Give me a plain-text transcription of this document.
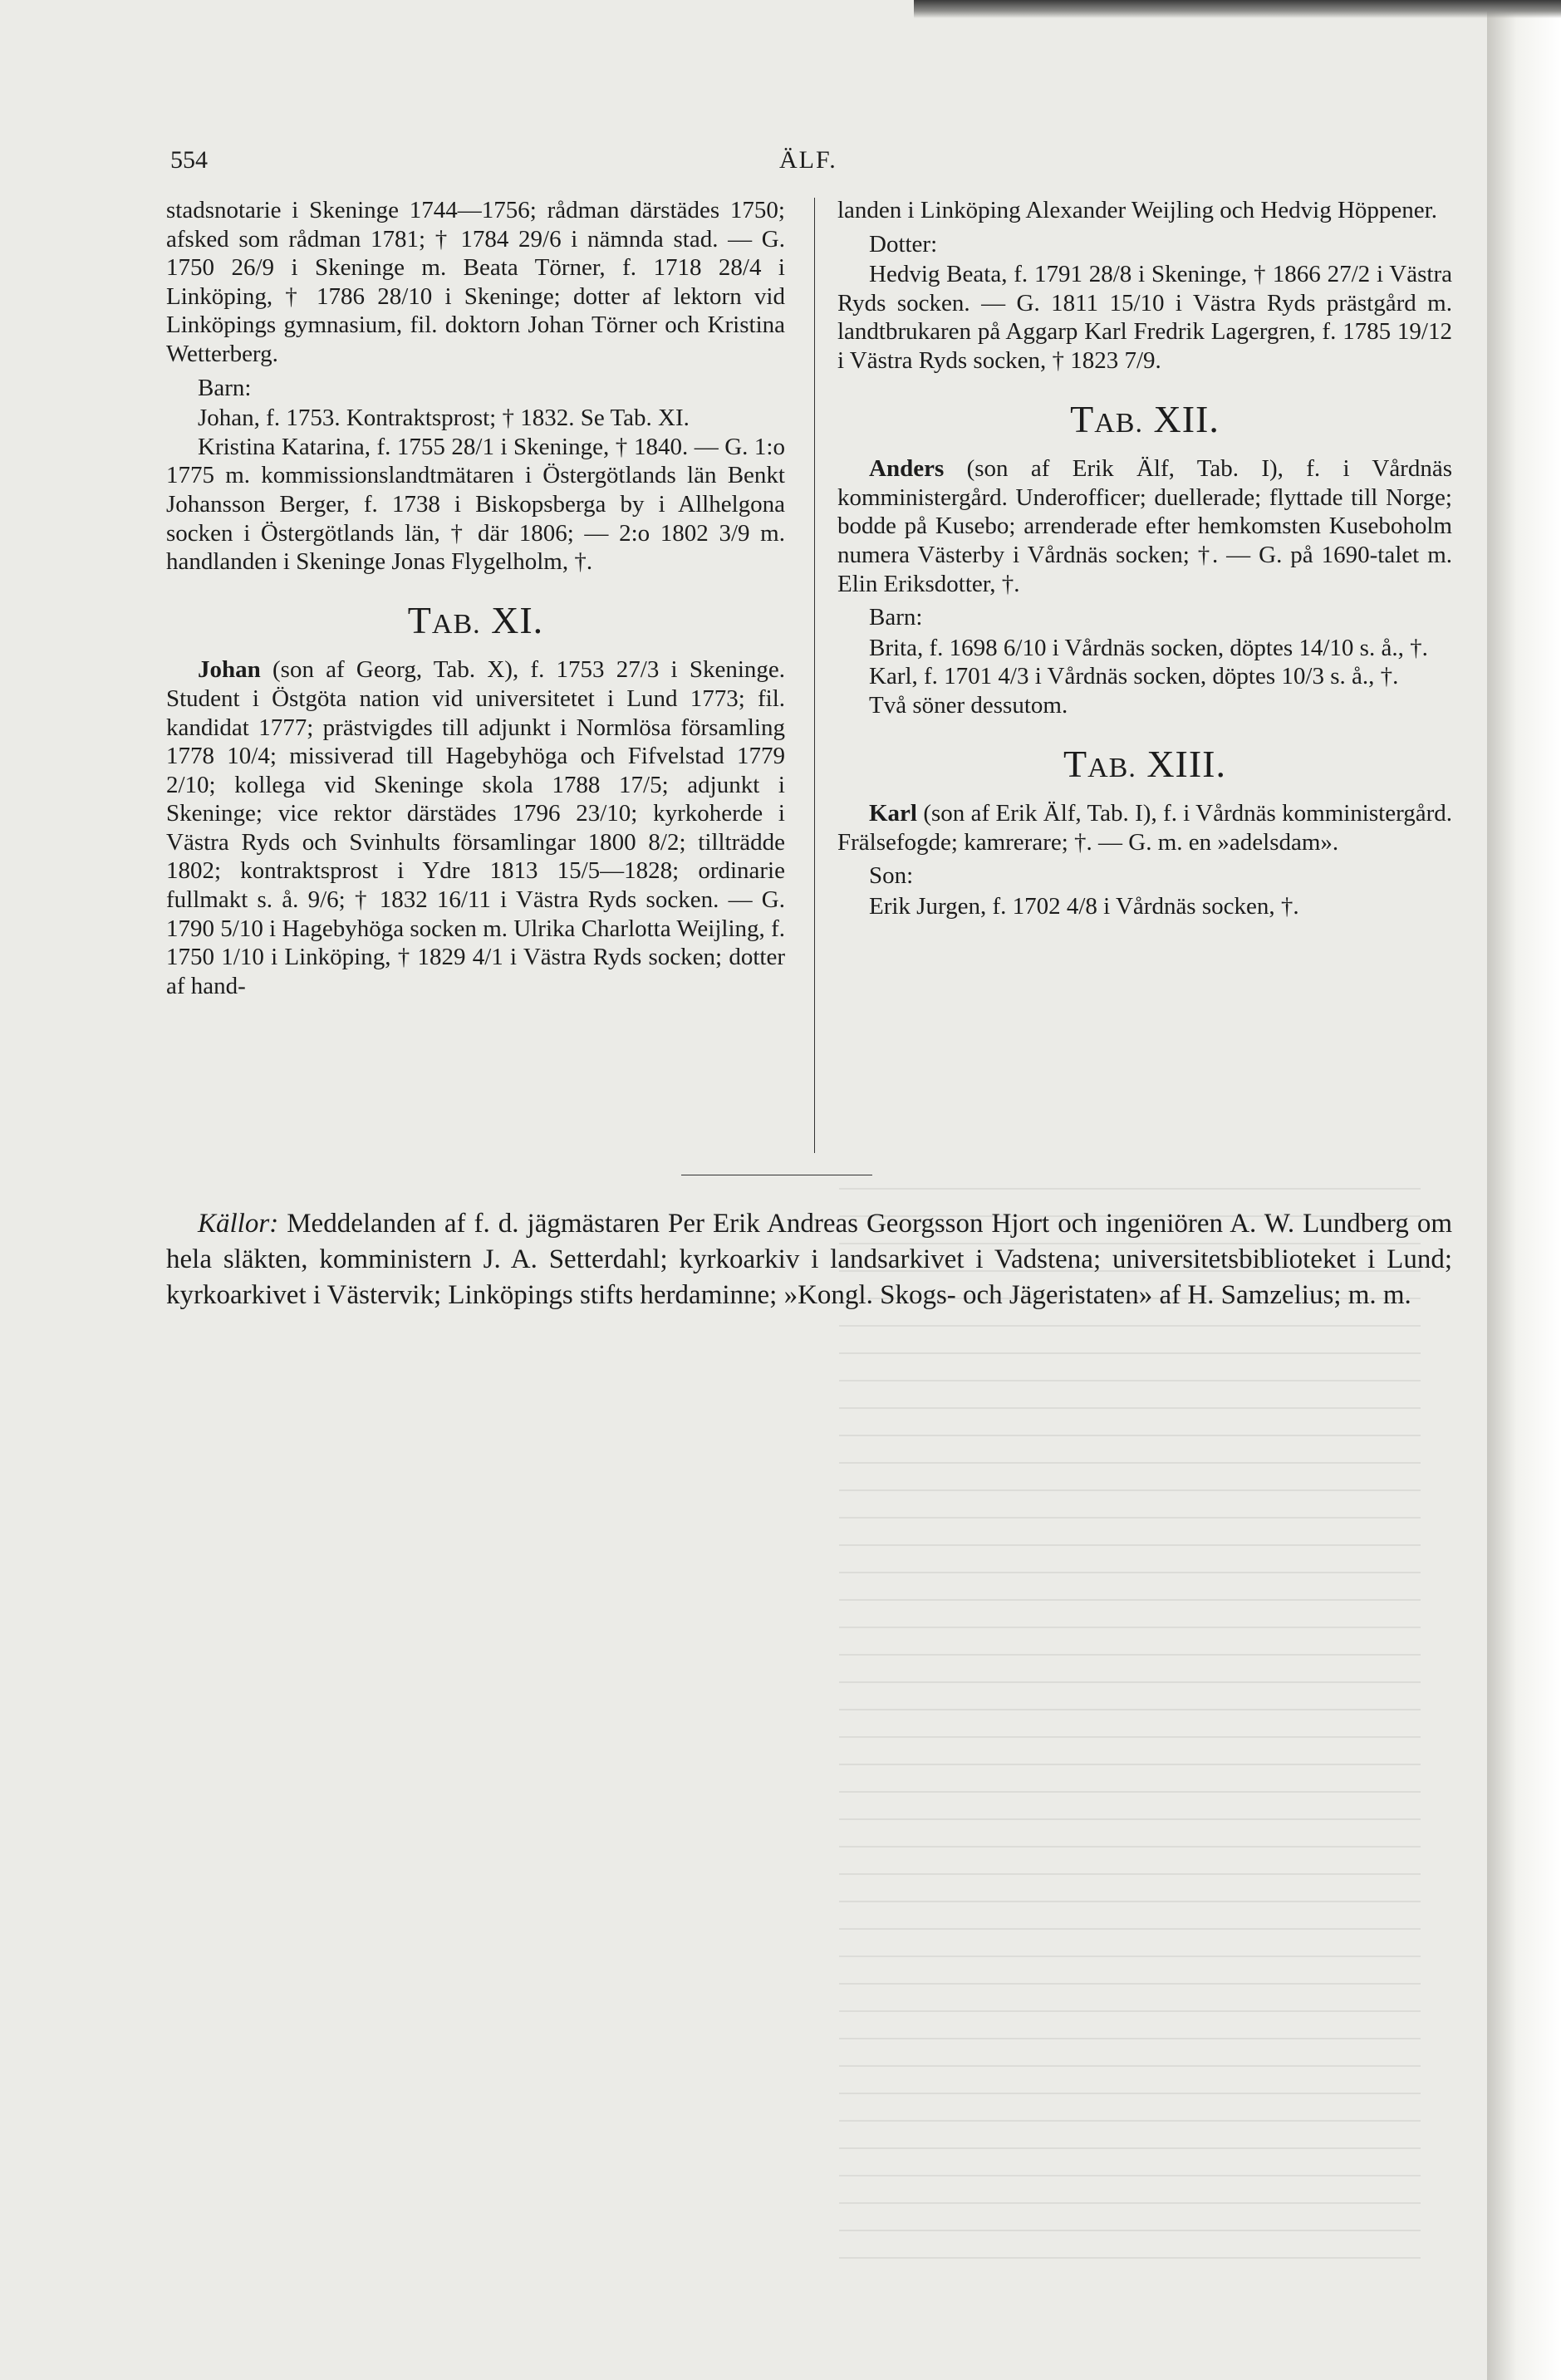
554	ÄLF.

stadsnotarie i Skeninge 1744—1756; rådman därstädes 1750; afsked som rådman 1781; † 1784 29/6 i nämnda stad. — G. 1750 26/9 i Skeninge m. Beata Törner, f. 1718 28/4 i Linköping, † 1786 28/10 i Skeninge; dotter af lektorn vid Linköpings gymnasium, fil. doktorn Johan Törner och Kristina Wetterberg.

Barn:

Johan, f. 1753. Kontraktsprost; † 1832. Se Tab. XI.

Kristina Katarina, f. 1755 28/1 i Skeninge, † 1840. — G. 1:o 1775 m. kommissionslandtmätaren i Östergötlands län Benkt Johansson Berger, f. 1738 i Biskopsberga by i Allhelgona socken i Östergötlands län, † där 1806; — 2:o 1802 3/9 m. handlanden i Skeninge Jonas Flygelholm, †.

TAB. XI.

Johan (son af Georg, Tab. X), f. 1753 27/3 i Skeninge. Student i Östgöta nation vid universitetet i Lund 1773; fil. kandidat 1777; prästvigdes till adjunkt i Normlösa församling 1778 10/4; missiverad till Hagebyhöga och Fifvelstad 1779 2/10; kollega vid Skeninge skola 1788 17/5; adjunkt i Skeninge; vice rektor därstädes 1796 23/10; kyrkoherde i Västra Ryds och Svinhults församlingar 1800 8/2; tillträdde 1802; kontraktsprost i Ydre 1813 15/5—1828; ordinarie fullmakt s. å. 9/6; † 1832 16/11 i Västra Ryds socken. — G. 1790 5/10 i Hagebyhöga socken m. Ulrika Charlotta Weijling, f. 1750 1/10 i Linköping, † 1829 4/1 i Västra Ryds socken; dotter af hand-

landen i Linköping Alexander Weijling och Hedvig Höppener.

Dotter:

Hedvig Beata, f. 1791 28/8 i Skeninge, † 1866 27/2 i Västra Ryds socken. — G. 1811 15/10 i Västra Ryds prästgård m. landtbrukaren på Aggarp Karl Fredrik Lagergren, f. 1785 19/12 i Västra Ryds socken, † 1823 7/9.

TAB. XII.

Anders (son af Erik Älf, Tab. I), f. i Vårdnäs komministergård. Underofficer; duellerade; flyttade till Norge; bodde på Kusebo; arrenderade efter hemkomsten Kuseboholm numera Västerby i Vårdnäs socken; †. — G. på 1690-talet m. Elin Eriksdotter, †.

Barn:

Brita, f. 1698 6/10 i Vårdnäs socken, döptes 14/10 s. å., †.

Karl, f. 1701 4/3 i Vårdnäs socken, döptes 10/3 s. å., †.

Två söner dessutom.

TAB. XIII.

Karl (son af Erik Älf, Tab. I), f. i Vårdnäs komministergård. Frälsefogde; kamrerare; †. — G. m. en »adelsdam».

Son:

Erik Jurgen, f. 1702 4/8 i Vårdnäs socken, †.

Källor: Meddelanden af f. d. jägmästaren Per Erik Andreas Georgsson Hjort och ingeniören A. W. Lundberg om hela släkten, komministern J. A. Setterdahl; kyrkoarkiv i landsarkivet i Vadstena; universitetsbiblioteket i Lund; kyrkoarkivet i Västervik; Linköpings stifts herdaminne; »Kongl. Skogs- och Jägeristaten» af H. Samzelius; m. m.
